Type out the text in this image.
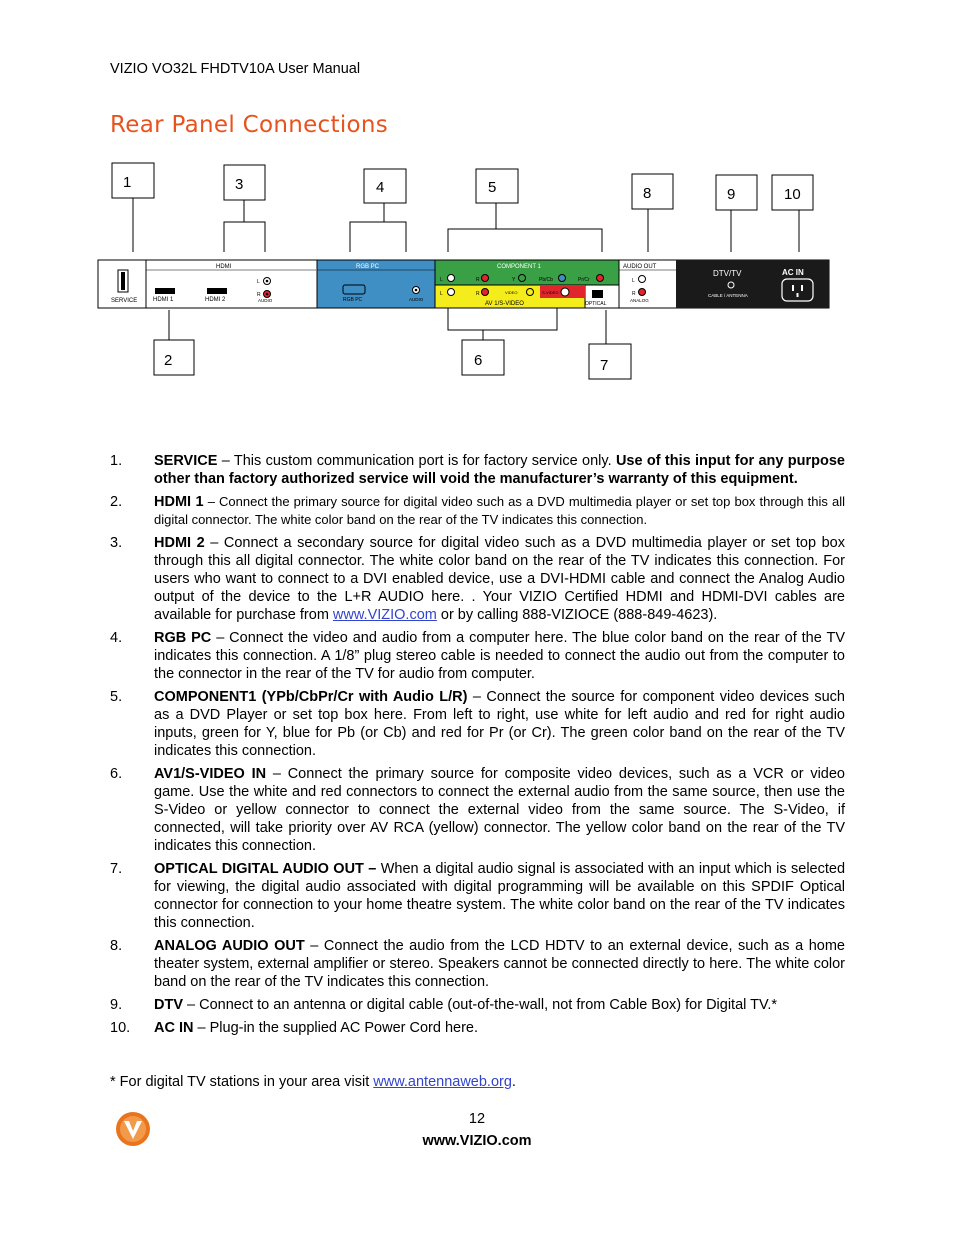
VIZIO VO32L FHDTV10A User Manual
Rear Panel Connections
1
2
3	4	5
6	7
8	9	10
SERVICE
HDMI
HDMI 1	HDMI 2
L
R
AUDIO
RGB PC
RGB PC	AUDIO
COMPONENT 1
L	R	Y	Pb/Cb	Pr/Cr
L	R	VIDEO	S-VIDEO
AV 1/S-VIDEO	OPTICAL
AUDIO OUT
L
R
ANALOG
DTV/TV
CABLE / ANTENNA
AC IN
1. SERVICE – This custom communication port is for factory service only. Use of this input for any purpose other than factory authorized service will void the manufacturer’s warranty of this equipment.
2. HDMI 1 – Connect the primary source for digital video such as a DVD multimedia player or set top box through this all digital connector. The white color band on the rear of the TV indicates this connection.
3. HDMI 2 – Connect a secondary source for digital video such as a DVD multimedia player or set top box through this all digital connector. The white color band on the rear of the TV indicates this connection. For users who want to connect to a DVI enabled device, use a DVI-HDMI cable and connect the Analog Audio output of the device to the L+R AUDIO here. . Your VIZIO Certified HDMI and HDMI-DVI cables are available for purchase from www.VIZIO.com or by calling 888-VIZIOCE (888-849-4623).
4. RGB PC – Connect the video and audio from a computer here. The blue color band on the rear of the TV indicates this connection. A 1/8” plug stereo cable is needed to connect the audio out from the computer to the connector in the rear of the TV for audio from computer.
5. COMPONENT1 (YPb/CbPr/Cr with Audio L/R) – Connect the source for component video devices such as a DVD Player or set top box here. From left to right, use white for left audio and red for right audio inputs, green for Y, blue for Pb (or Cb) and red for Pr (or Cr). The green color band on the rear of the TV indicates this connection.
6. AV1/S-VIDEO IN – Connect the primary source for composite video devices, such as a VCR or video game. Use the white and red connectors to connect the external audio from the same source, then use the S-Video or yellow connector to connect the external video from the same source. The S-Video, if connected, will take priority over AV RCA (yellow) connector. The yellow color band on the rear of the TV indicates this connection.
7. OPTICAL DIGITAL AUDIO OUT – When a digital audio signal is associated with an input which is selected for viewing, the digital audio associated with digital programming will be available on this SPDIF Optical connector for connection to your home theatre system. The white color band on the rear of the TV indicates this connection.
8. ANALOG AUDIO OUT – Connect the audio from the LCD HDTV to an external device, such as a home theater system, external amplifier or stereo. Speakers cannot be connected directly to here. The white color band on the rear of the TV indicates this connection.
9. DTV – Connect to an antenna or digital cable (out-of-the-wall, not from Cable Box) for Digital TV.*
10. AC IN – Plug-in the supplied AC Power Cord here.
* For digital TV stations in your area visit www.antennaweb.org.
12
www.VIZIO.com
